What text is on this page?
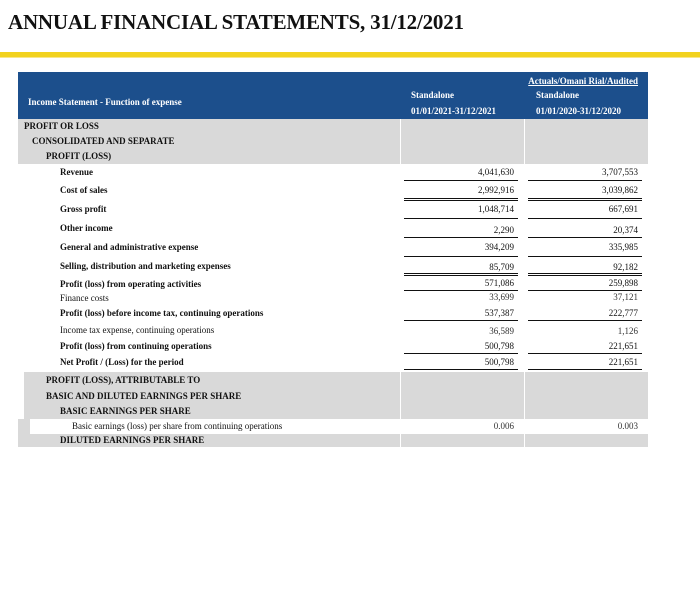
ANNUAL FINANCIAL STATEMENTS, 31/12/2021
Income Statement - Function of expense
Actuals/Omani Rial/Audited
Standalone
01/01/2021-31/12/2021
Standalone
01/01/2020-31/12/2020
PROFIT OR LOSS
CONSOLIDATED AND SEPARATE
PROFIT (LOSS)
Revenue	4,041,630	3,707,553
Cost of sales	2,992,916	3,039,862
Gross profit	1,048,714	667,691
Other income	2,290	20,374
General and administrative expense	394,209	335,985
Selling, distribution and marketing expenses	85,709	92,182
Profit (loss) from operating activities	571,086	259,898
Finance costs	33,699	37,121
Profit (loss) before income tax, continuing operations	537,387	222,777
Income tax expense, continuing operations	36,589	1,126
Profit (loss) from continuing operations	500,798	221,651
Net Profit / (Loss) for the period	500,798	221,651
PROFIT (LOSS), ATTRIBUTABLE TO
BASIC AND DILUTED EARNINGS PER SHARE
BASIC EARNINGS PER SHARE
Basic earnings (loss) per share from continuing operations	0.006	0.003
DILUTED EARNINGS PER SHARE
